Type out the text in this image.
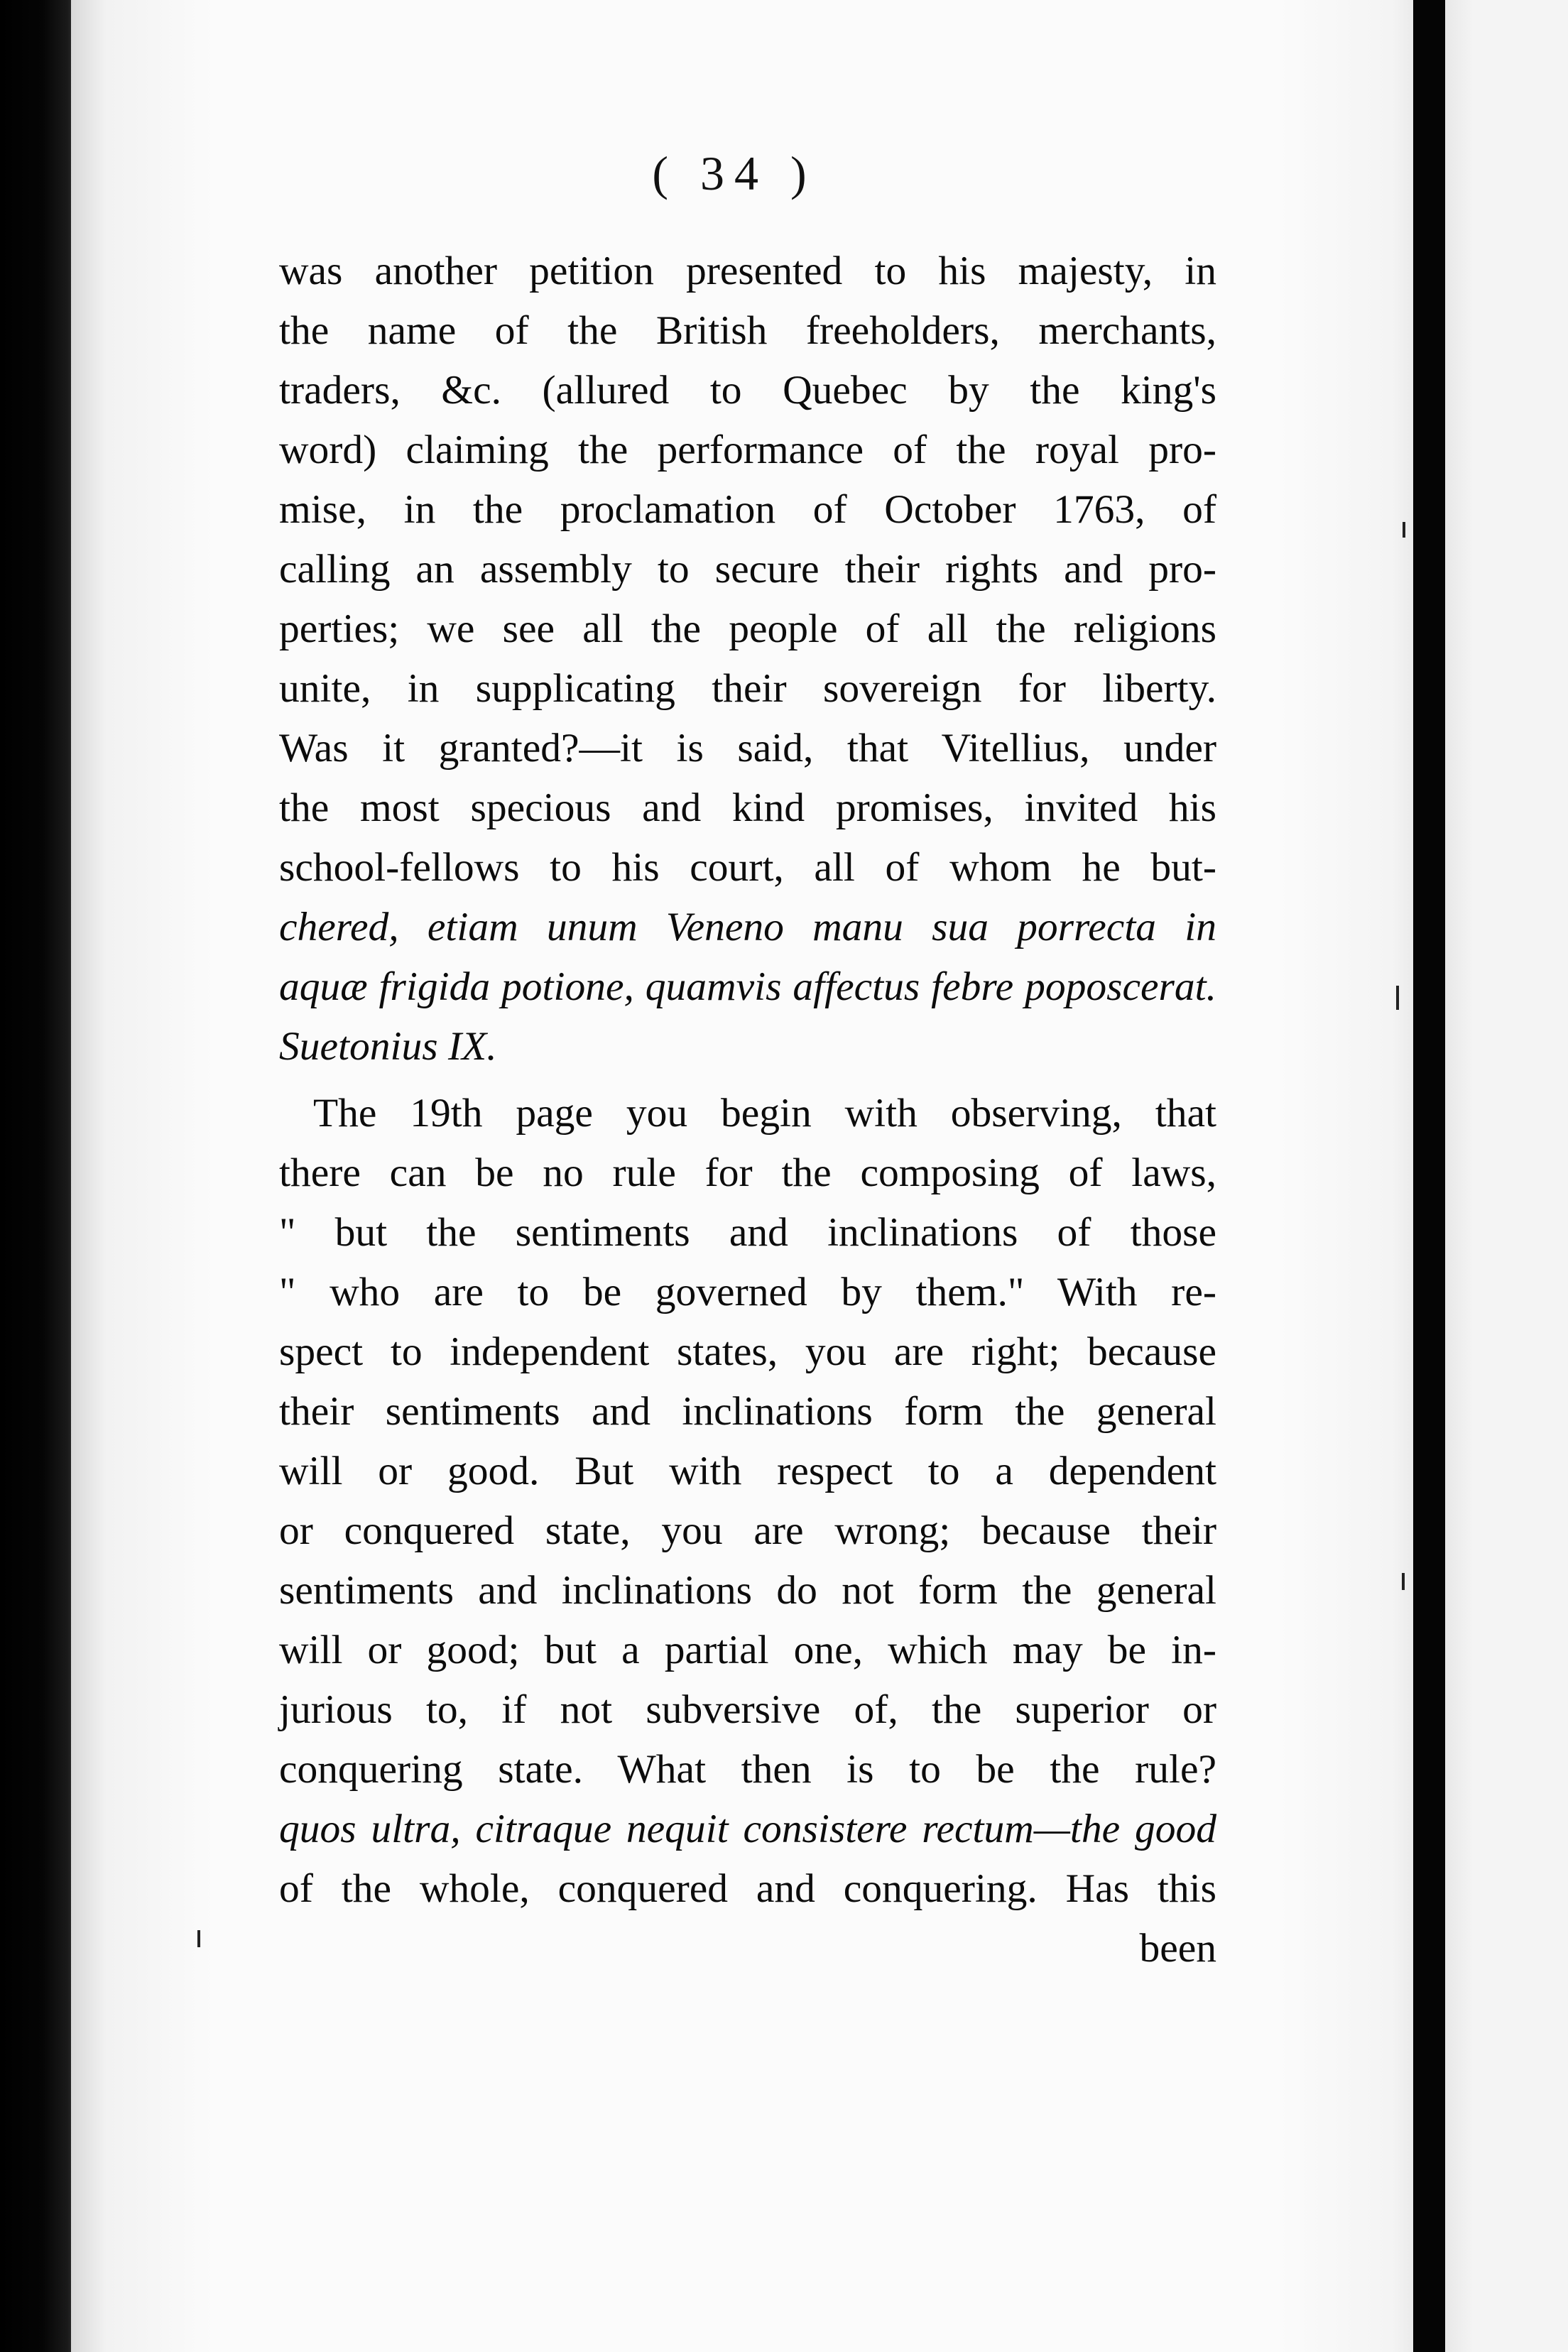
( 34 )
was another petition presented to his majesty, in
the name of the British freeholders, merchants,
traders, &c. (allured to Quebec by the king's
word) claiming the performance of the royal pro-
mise, in the proclamation of October 1763, of
calling an assembly to secure their rights and pro-
perties; we see all the people of all the religions
unite, in supplicating their sovereign for liberty.
Was it granted?—it is said, that Vitellius, under
the most specious and kind promises, invited his
school-fellows to his court, all of whom he but-
chered, etiam unum Veneno manu sua porrecta in
aquæ frigida potione, quamvis affectus febre poposcerat.
Suetonius IX.
The 19th page you begin with observing, that
there can be no rule for the composing of laws,
" but the sentiments and inclinations of those
" who are to be governed by them." With re-
spect to independent states, you are right; because
their sentiments and inclinations form the general
will or good. But with respect to a dependent
or conquered state, you are wrong; because their
sentiments and inclinations do not form the general
will or good; but a partial one, which may be in-
jurious to, if not subversive of, the superior or
conquering state. What then is to be the rule?
quos ultra, citraque nequit consistere rectum—the good
of the whole, conquered and conquering. Has this
been
